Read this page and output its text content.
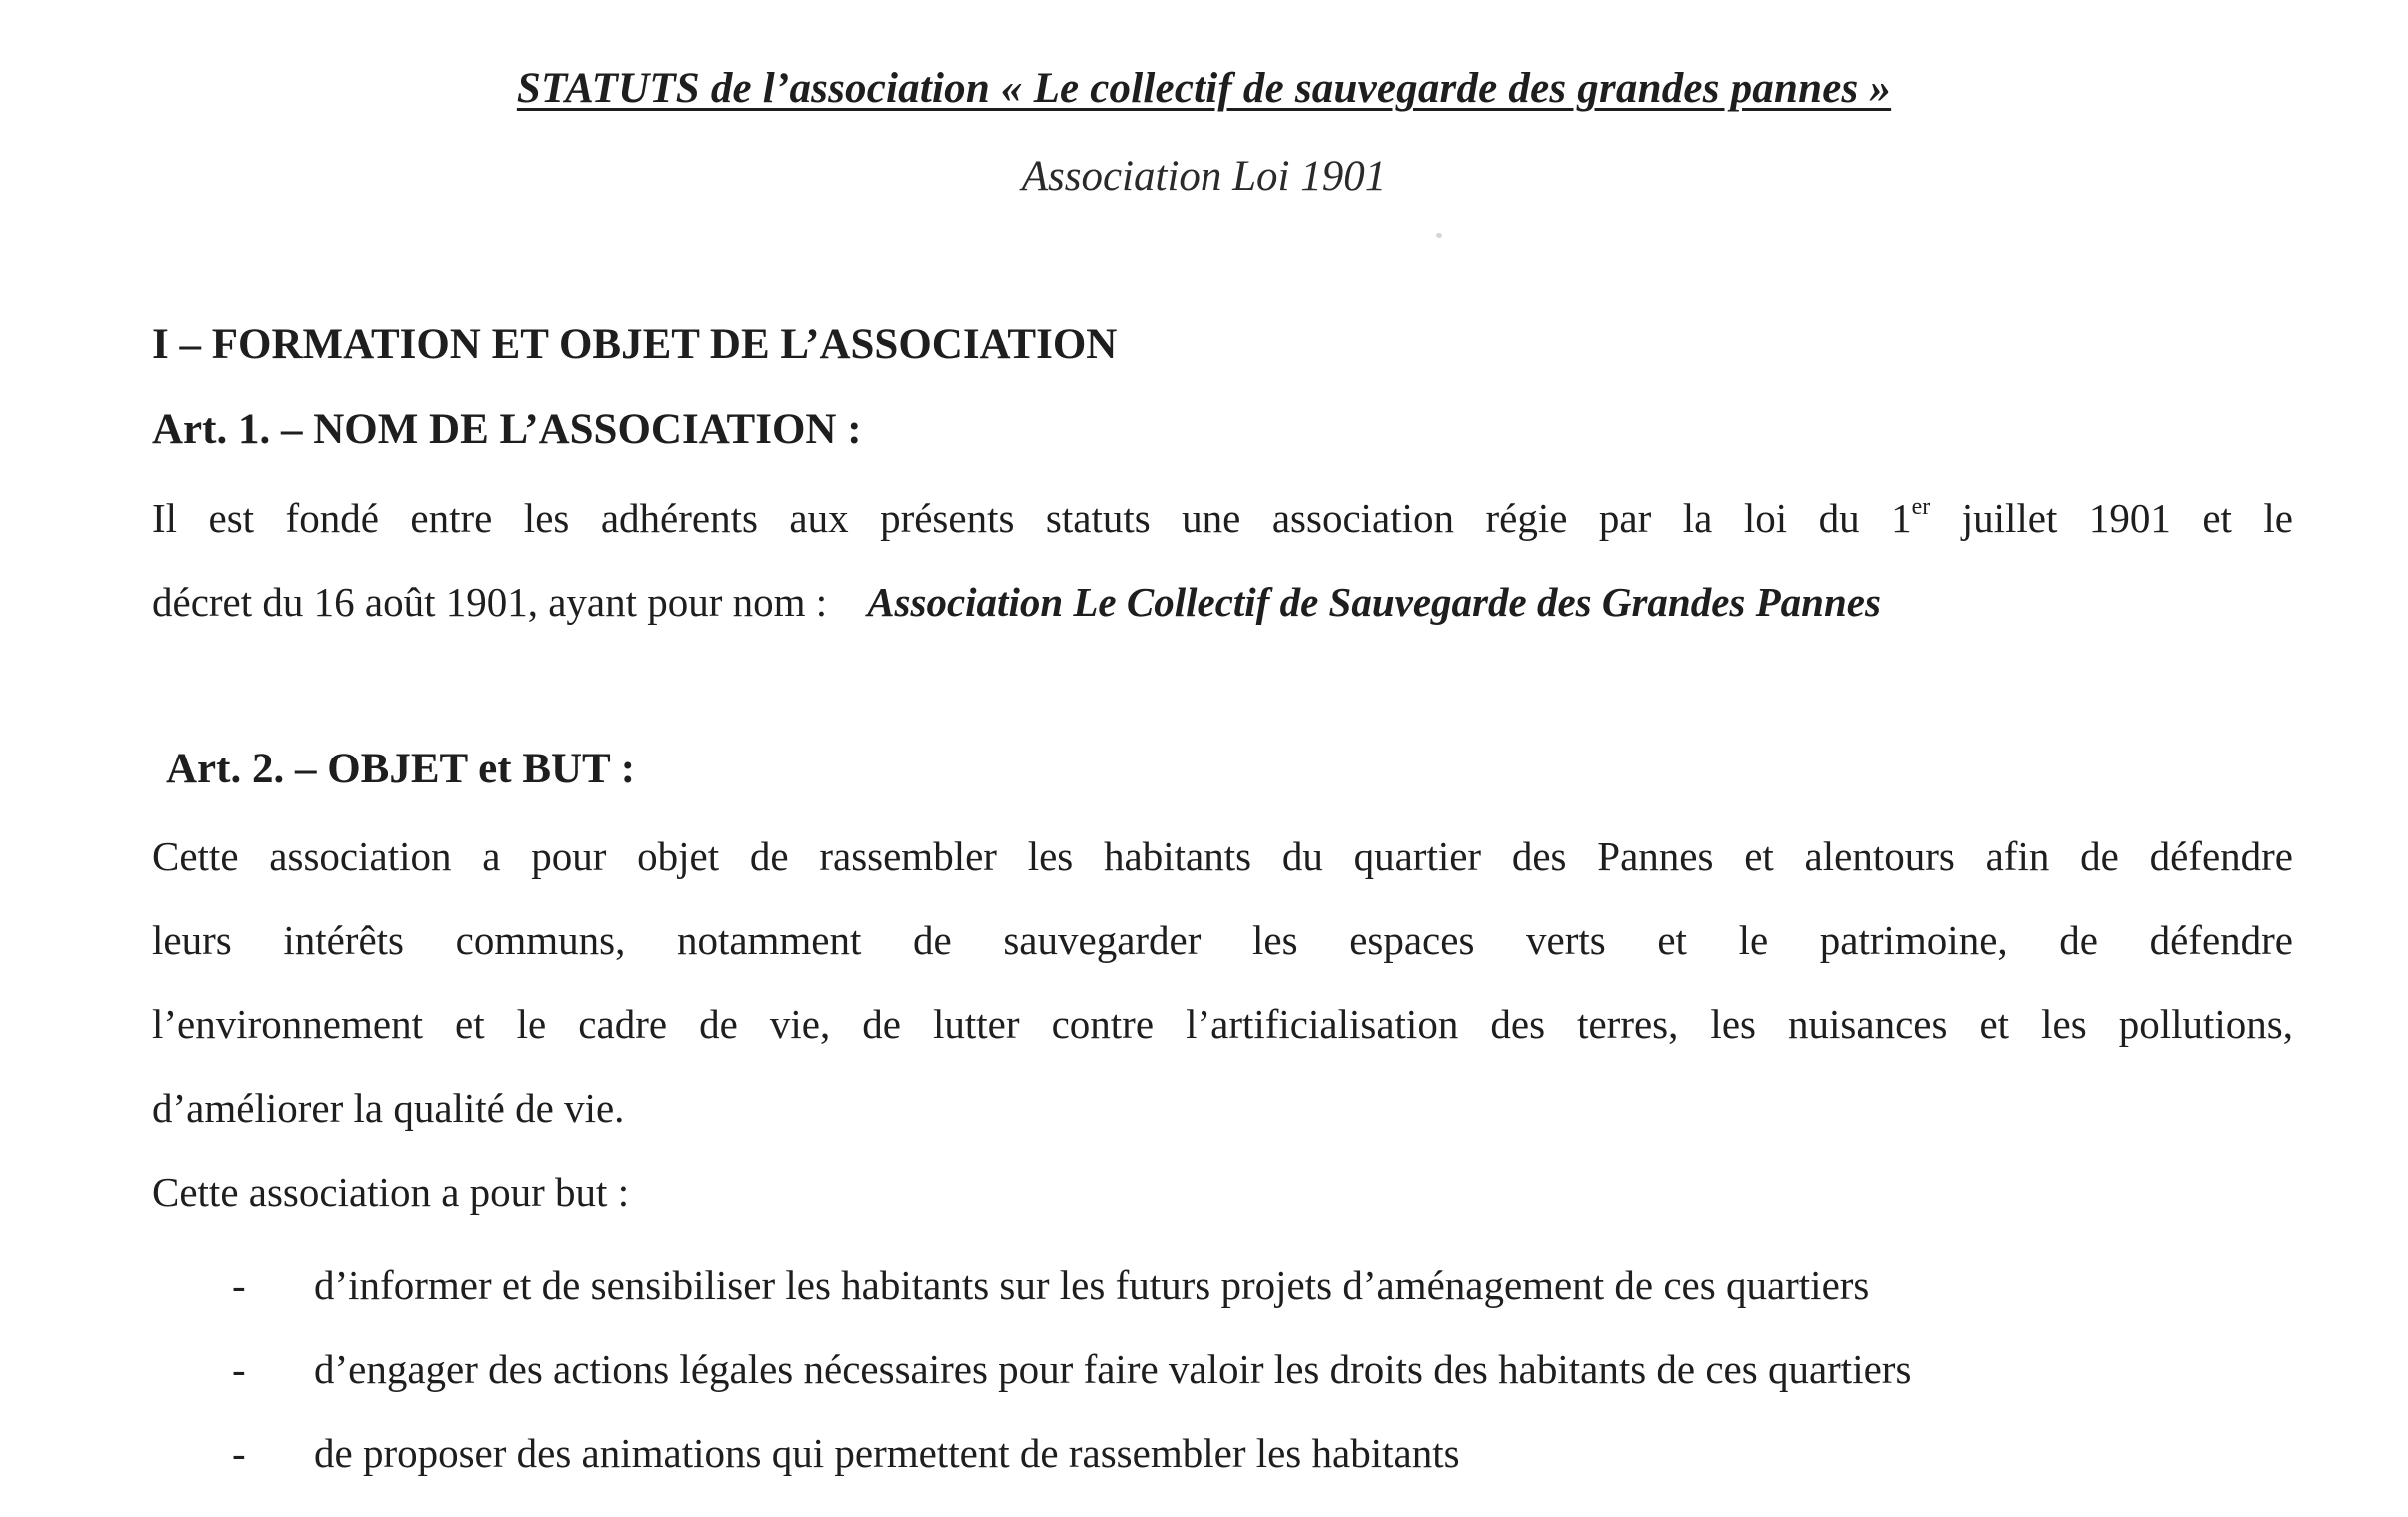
STATUTS de l’association « Le collectif de sauvegarde des grandes pannes »
Association Loi 1901
I – FORMATION ET OBJET DE L’ASSOCIATION
Art. 1. – NOM DE L’ASSOCIATION :
Il est fondé entre les adhérents aux présents statuts une association régie par la loi du 1er juillet 1901 et le
décret du 16 août 1901, ayant pour nom : Association Le Collectif de Sauvegarde des Grandes Pannes
Art. 2. – OBJET et BUT :
Cette association a pour objet de rassembler les habitants du quartier des Pannes et alentours afin de défendre
leurs intérêts communs, notamment de sauvegarder les espaces verts et le patrimoine, de défendre
l’environnement et le cadre de vie, de lutter contre l’artificialisation des terres, les nuisances et les pollutions,
d’améliorer la qualité de vie.
Cette association a pour but :
- d’informer et de sensibiliser les habitants sur les futurs projets d’aménagement de ces quartiers
- d’engager des actions légales nécessaires pour faire valoir les droits des habitants de ces quartiers
- de proposer des animations qui permettent de rassembler les habitants
